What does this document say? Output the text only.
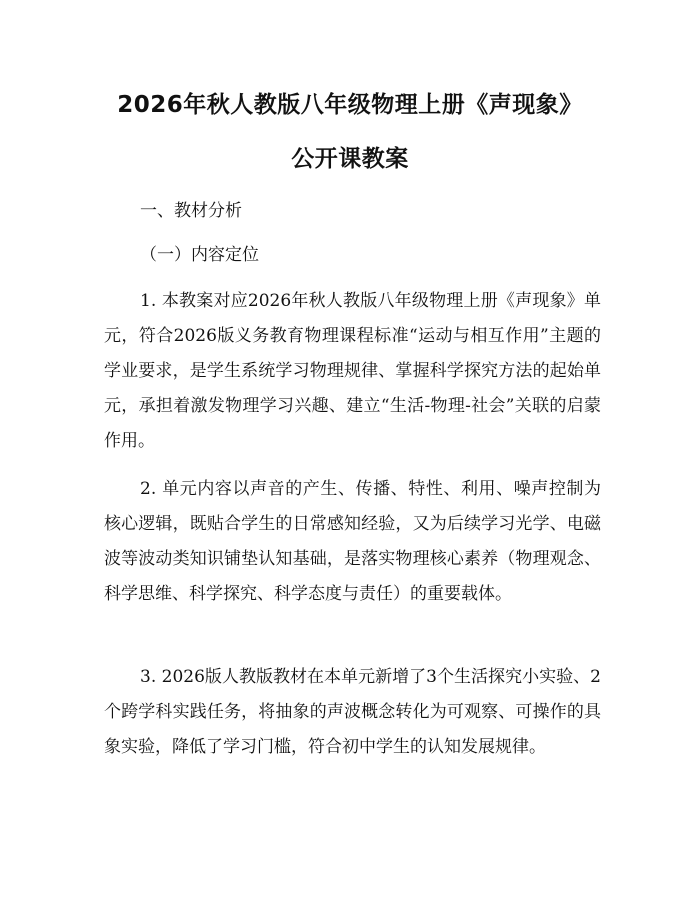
2026年秋人教版八年级物理上册《声现象》
公开课教案

一、教材分析

（一）内容定位

1. 本教案对应2026年秋人教版八年级物理上册《声现象》单元，符合2026版义务教育物理课程标准“运动与相互作用”主题的学业要求，是学生系统学习物理规律、掌握科学探究方法的起始单元，承担着激发物理学习兴趣、建立“生活-物理-社会”关联的启蒙作用。

2. 单元内容以声音的产生、传播、特性、利用、噪声控制为核心逻辑，既贴合学生的日常感知经验，又为后续学习光学、电磁波等波动类知识铺垫认知基础，是落实物理核心素养（物理观念、科学思维、科学探究、科学态度与责任）的重要载体。

3. 2026版人教版教材在本单元新增了3个生活探究小实验、2个跨学科实践任务，将抽象的声波概念转化为可观察、可操作的具象实验，降低了学习门槛，符合初中学生的认知发展规律。
